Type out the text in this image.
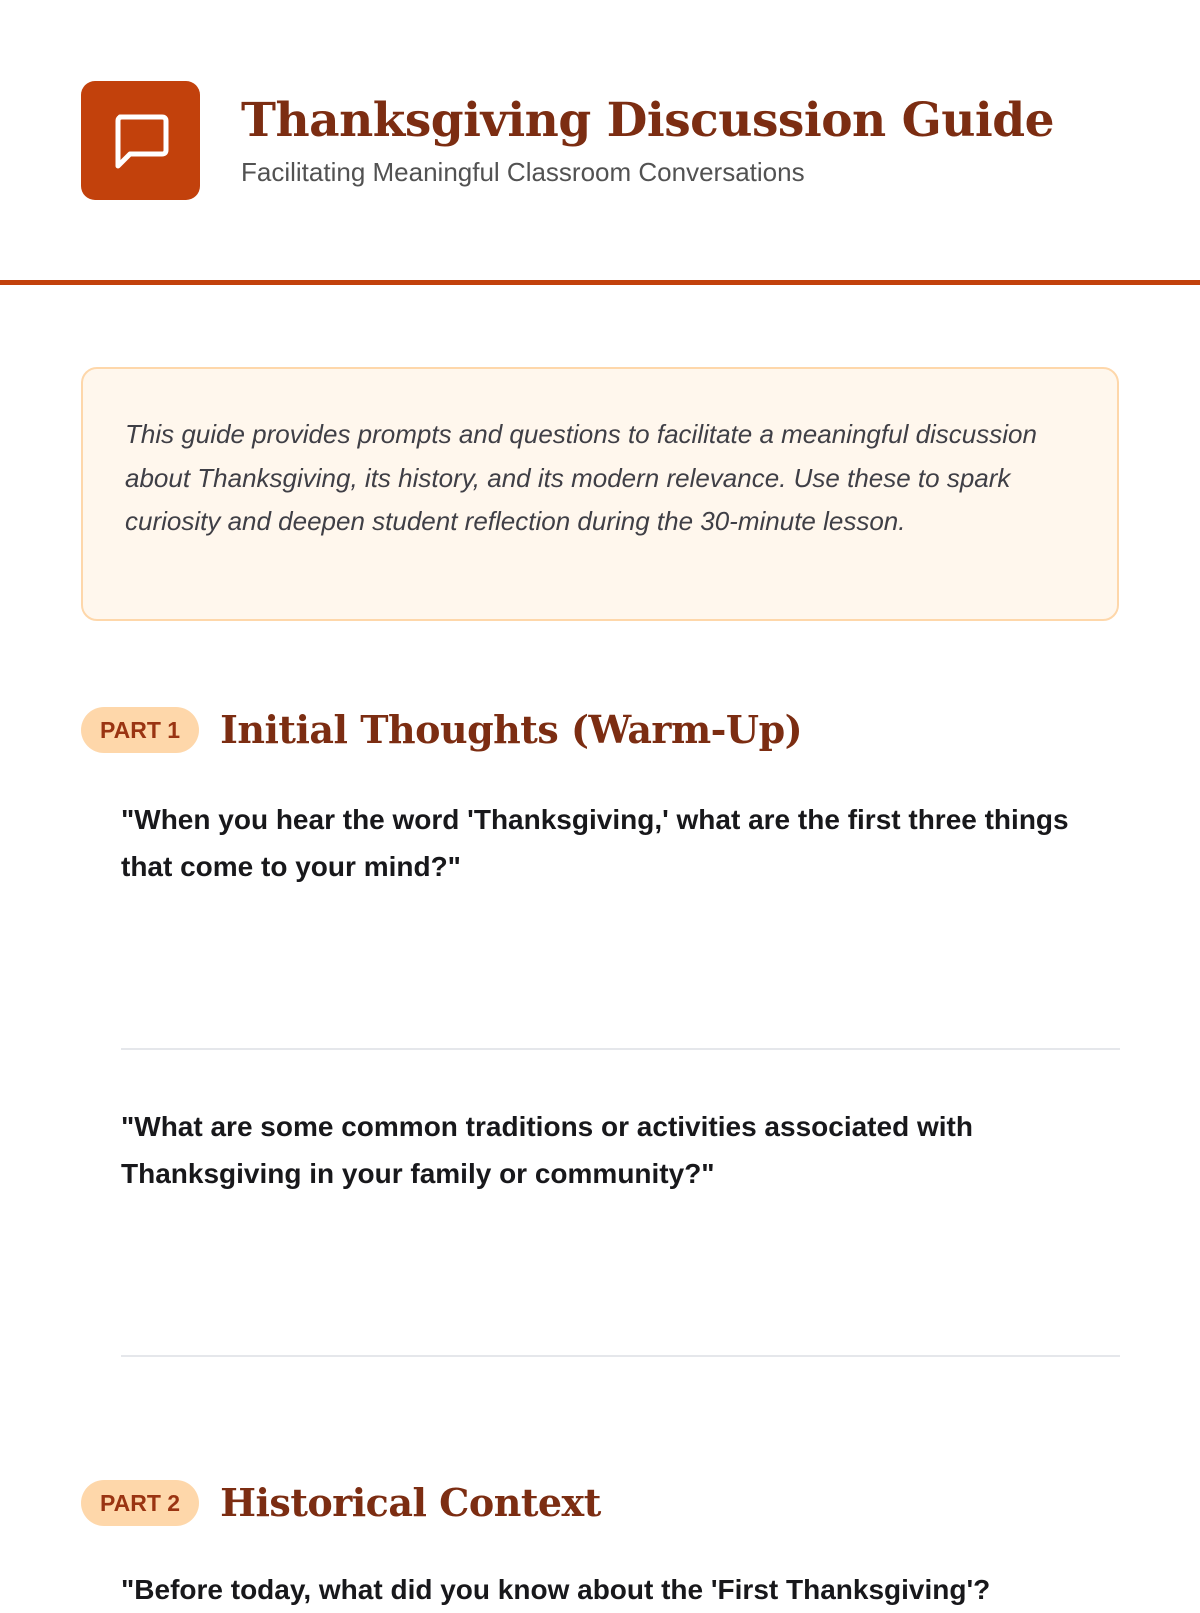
Thanksgiving Discussion Guide
Facilitating Meaningful Classroom Conversations
This guide provides prompts and questions to facilitate a meaningful discussion about Thanksgiving, its history, and its modern relevance. Use these to spark curiosity and deepen student reflection during the 30-minute lesson.
PART 1	Initial Thoughts (Warm-Up)
"When you hear the word 'Thanksgiving,' what are the first three things that come to your mind?"
"What are some common traditions or activities associated with Thanksgiving in your family or community?"
PART 2	Historical Context
"Before today, what did you know about the 'First Thanksgiving'?
